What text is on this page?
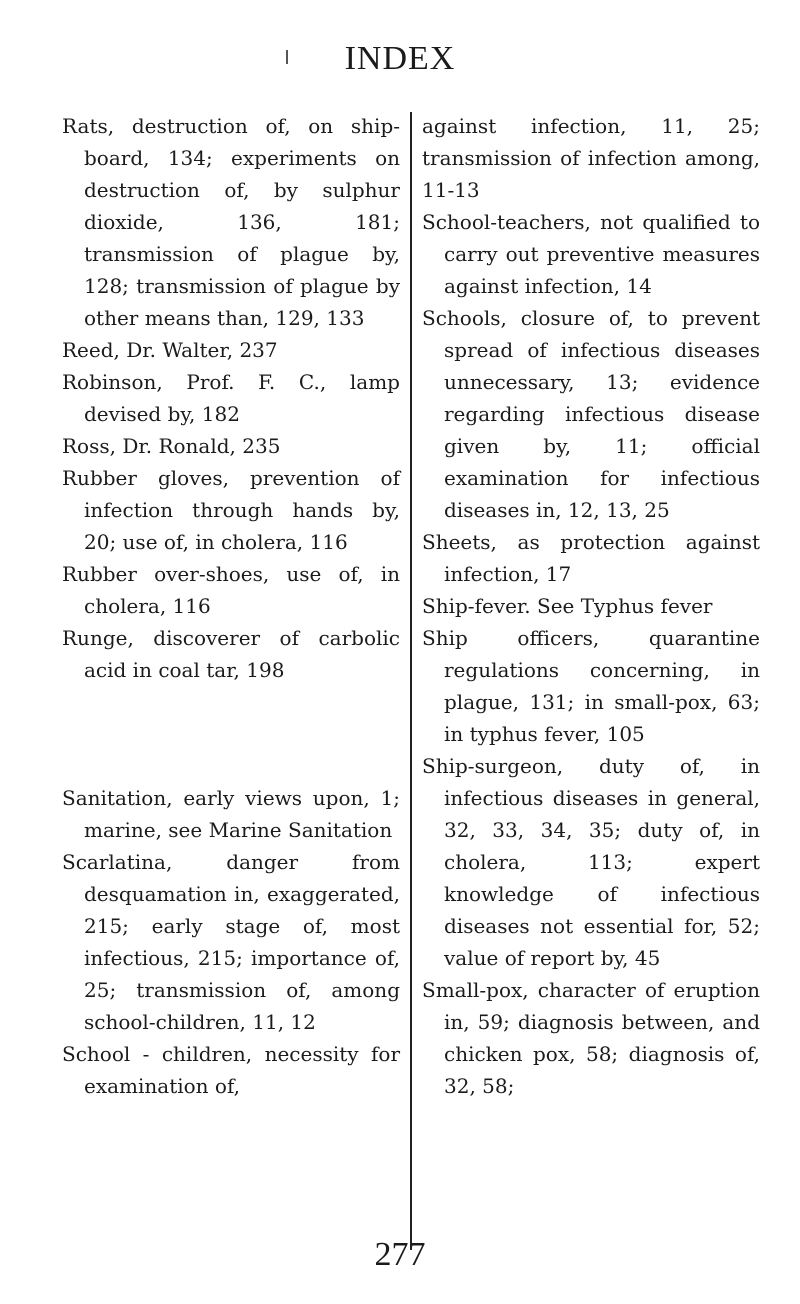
INDEX
Rats, destruction of, on ship-board, 134; experiments on destruction of, by sulphur dioxide, 136, 181; transmission of plague by, 128; transmission of plague by other means than, 129, 133
Reed, Dr. Walter, 237
Robinson, Prof. F. C., lamp devised by, 182
Ross, Dr. Ronald, 235
Rubber gloves, prevention of infection through hands by, 20; use of, in cholera, 116
Rubber over-shoes, use of, in cholera, 116
Runge, discoverer of carbolic acid in coal tar, 198
Sanitation, early views upon, 1; marine, see Marine Sanitation
Scarlatina, danger from desquamation in, exaggerated, 215; early stage of, most infectious, 215; importance of, 25; transmission of, among school-children, 11, 12
School - children, necessity for examination of,
against infection, 11, 25; transmission of infection among, 11-13
School-teachers, not qualified to carry out preventive measures against infection, 14
Schools, closure of, to prevent spread of infectious diseases unnecessary, 13; evidence regarding infectious disease given by, 11; official examination for infectious diseases in, 12, 13, 25
Sheets, as protection against infection, 17
Ship-fever. See Typhus fever
Ship officers, quarantine regulations concerning, in plague, 131; in small-pox, 63; in typhus fever, 105
Ship-surgeon, duty of, in infectious diseases in general, 32, 33, 34, 35; duty of, in cholera, 113; expert knowledge of infectious diseases not essential for, 52; value of report by, 45
Small-pox, character of eruption in, 59; diagnosis between, and chicken pox, 58; diagnosis of, 32, 58;
277
